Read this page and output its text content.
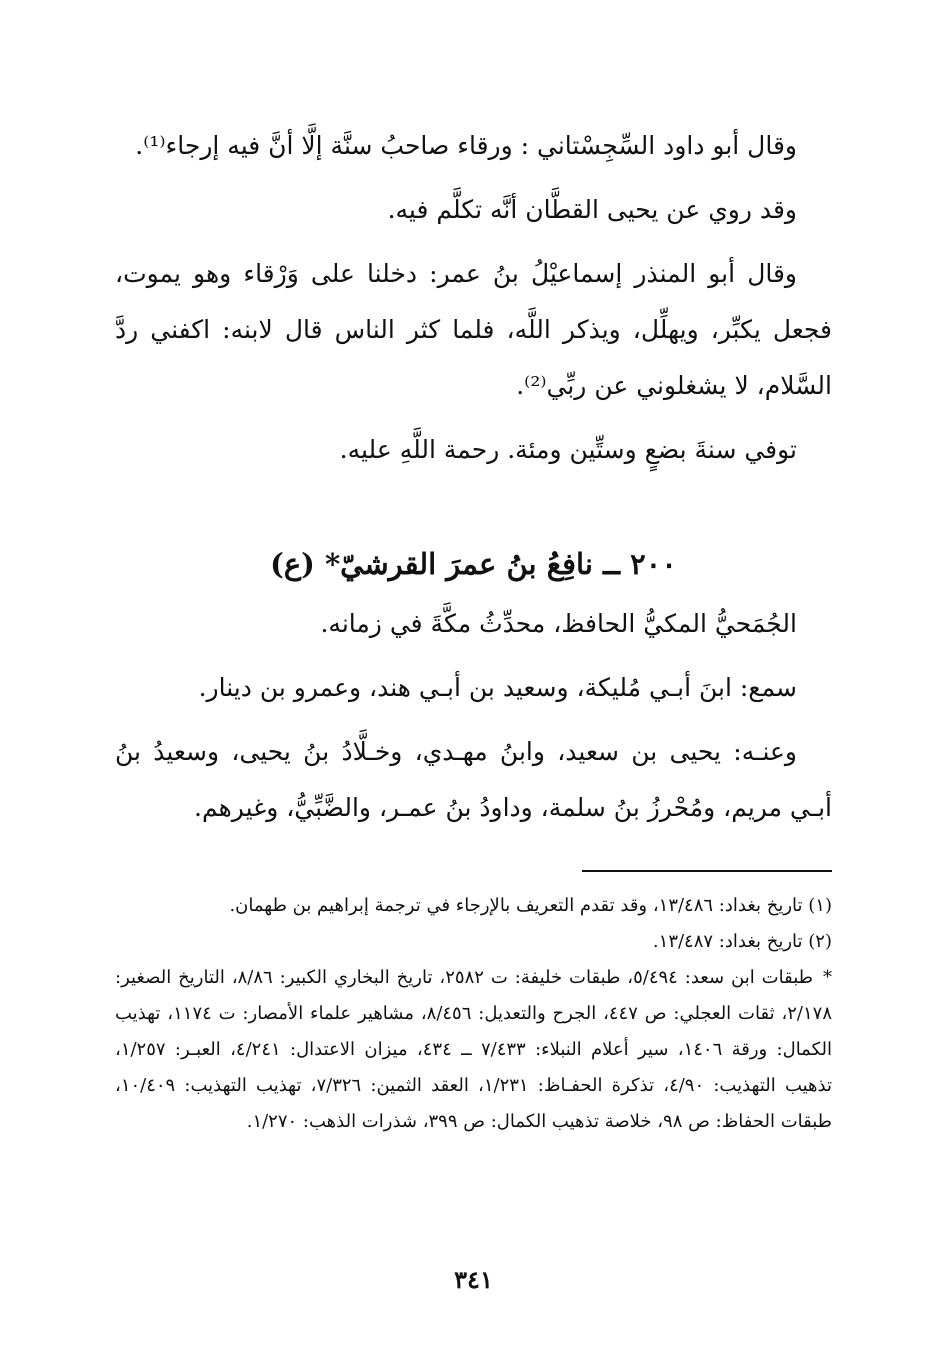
وقال أبو داود السِّجِسْتاني : ورقاء صاحبُ سنَّة إلَّا أنَّ فيه إرجاء⁽¹⁾.

وقد روي عن يحيى القطَّان أنَّه تكلَّم فيه.

وقال أبو المنذر إسماعيْلُ بنُ عمر: دخلنا على وَرْقاء وهو يموت، فجعل يكبِّر، ويهلِّل، ويذكر اللَّه، فلما كثر الناس قال لابنه: اكفني ردَّ السَّلام، لا يشغلوني عن ربِّي⁽²⁾.

توفي سنةَ بضعٍ وستِّين ومئة. رحمة اللَّهِ عليه.

٢٠٠ ــ نافِعُ بنُ عمرَ القرشيّ* (ع)

الجُمَحيُّ المكيُّ الحافظ، محدِّثُ مكَّةَ في زمانه.

سمع: ابنَ أبـي مُليكة، وسعيد بن أبـي هند، وعمرو بن دينار.

وعنـه: يحيى بن سعيد، وابنُ مهـدي، وخـلَّادُ بنُ يحيى، وسعيدُ بنُ أبـي مريم، ومُحْرزُ بنُ سلمة، وداودُ بنُ عمـر، والضَّبِّيُّ، وغيرهم.

(١) تاريخ بغداد: ١٣/٤٨٦، وقد تقدم التعريف بالإرجاء في ترجمة إبراهيم بن طهمان.

(٢) تاريخ بغداد: ١٣/٤٨٧.

*طبقات ابن سعد: ٥/٤٩٤، طبقات خليفة: ت ٢٥٨٢، تاريخ البخاري الكبير: ٨/٨٦، التاريخ الصغير: ٢/١٧٨، ثقات العجلي: ص ٤٤٧، الجرح والتعديل: ٨/٤٥٦، مشاهير علماء الأمصار: ت ١١٧٤، تهذيب الكمال: ورقة ١٤٠٦، سير أعلام النبلاء: ٧/٤٣٣ ــ ٤٣٤، ميزان الاعتدال: ٤/٢٤١، العبـر: ١/٢٥٧، تذهيب التهذيب: ٤/٩٠، تذكرة الحفـاظ: ١/٢٣١، العقد الثمين: ٧/٣٢٦، تهذيب التهذيب: ١٠/٤٠٩، طبقات الحفاظ: ص ٩٨، خلاصة تذهيب الكمال: ص ٣٩٩، شذرات الذهب: ١/٢٧٠.

٣٤١
